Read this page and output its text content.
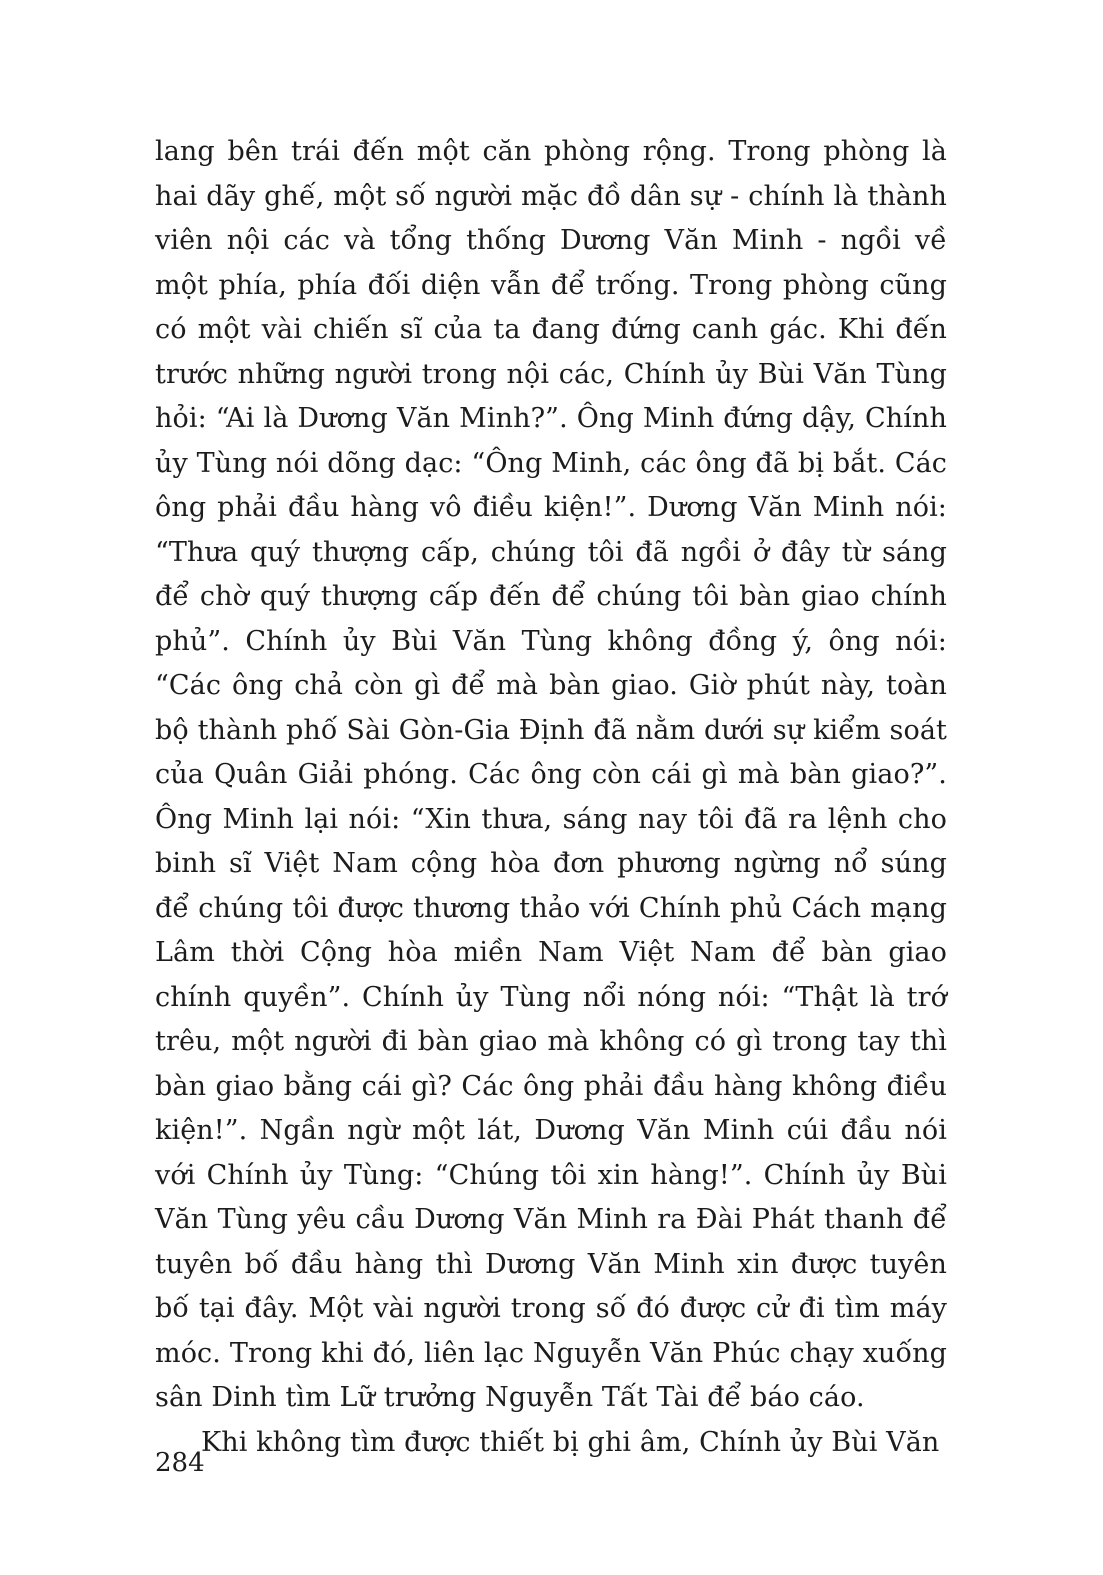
lang bên trái đến một căn phòng rộng. Trong phòng là hai dãy ghế, một số người mặc đồ dân sự - chính là thành viên nội các và tổng thống Dương Văn Minh - ngồi về một phía, phía đối diện vẫn để trống. Trong phòng cũng có một vài chiến sĩ của ta đang đứng canh gác. Khi đến trước những người trong nội các, Chính ủy Bùi Văn Tùng hỏi: “Ai là Dương Văn Minh?”. Ông Minh đứng dậy, Chính ủy Tùng nói dõng dạc: “Ông Minh, các ông đã bị bắt. Các ông phải đầu hàng vô điều kiện!”. Dương Văn Minh nói: “Thưa quý thượng cấp, chúng tôi đã ngồi ở đây từ sáng để chờ quý thượng cấp đến để chúng tôi bàn giao chính phủ”. Chính ủy Bùi Văn Tùng không đồng ý, ông nói: “Các ông chả còn gì để mà bàn giao. Giờ phút này, toàn bộ thành phố Sài Gòn-Gia Định đã nằm dưới sự kiểm soát của Quân Giải phóng. Các ông còn cái gì mà bàn giao?”. Ông Minh lại nói: “Xin thưa, sáng nay tôi đã ra lệnh cho binh sĩ Việt Nam cộng hòa đơn phương ngừng nổ súng để chúng tôi được thương thảo với Chính phủ Cách mạng Lâm thời Cộng hòa miền Nam Việt Nam để bàn giao chính quyền”. Chính ủy Tùng nổi nóng nói: “Thật là trớ trêu, một người đi bàn giao mà không có gì trong tay thì bàn giao bằng cái gì? Các ông phải đầu hàng không điều kiện!”. Ngần ngừ một lát, Dương Văn Minh cúi đầu nói với Chính ủy Tùng: “Chúng tôi xin hàng!”. Chính ủy Bùi Văn Tùng yêu cầu Dương Văn Minh ra Đài Phát thanh để tuyên bố đầu hàng thì Dương Văn Minh xin được tuyên bố tại đây. Một vài người trong số đó được cử đi tìm máy móc. Trong khi đó, liên lạc Nguyễn Văn Phúc chạy xuống sân Dinh tìm Lữ trưởng Nguyễn Tất Tài để báo cáo.

Khi không tìm được thiết bị ghi âm, Chính ủy Bùi Văn

284
